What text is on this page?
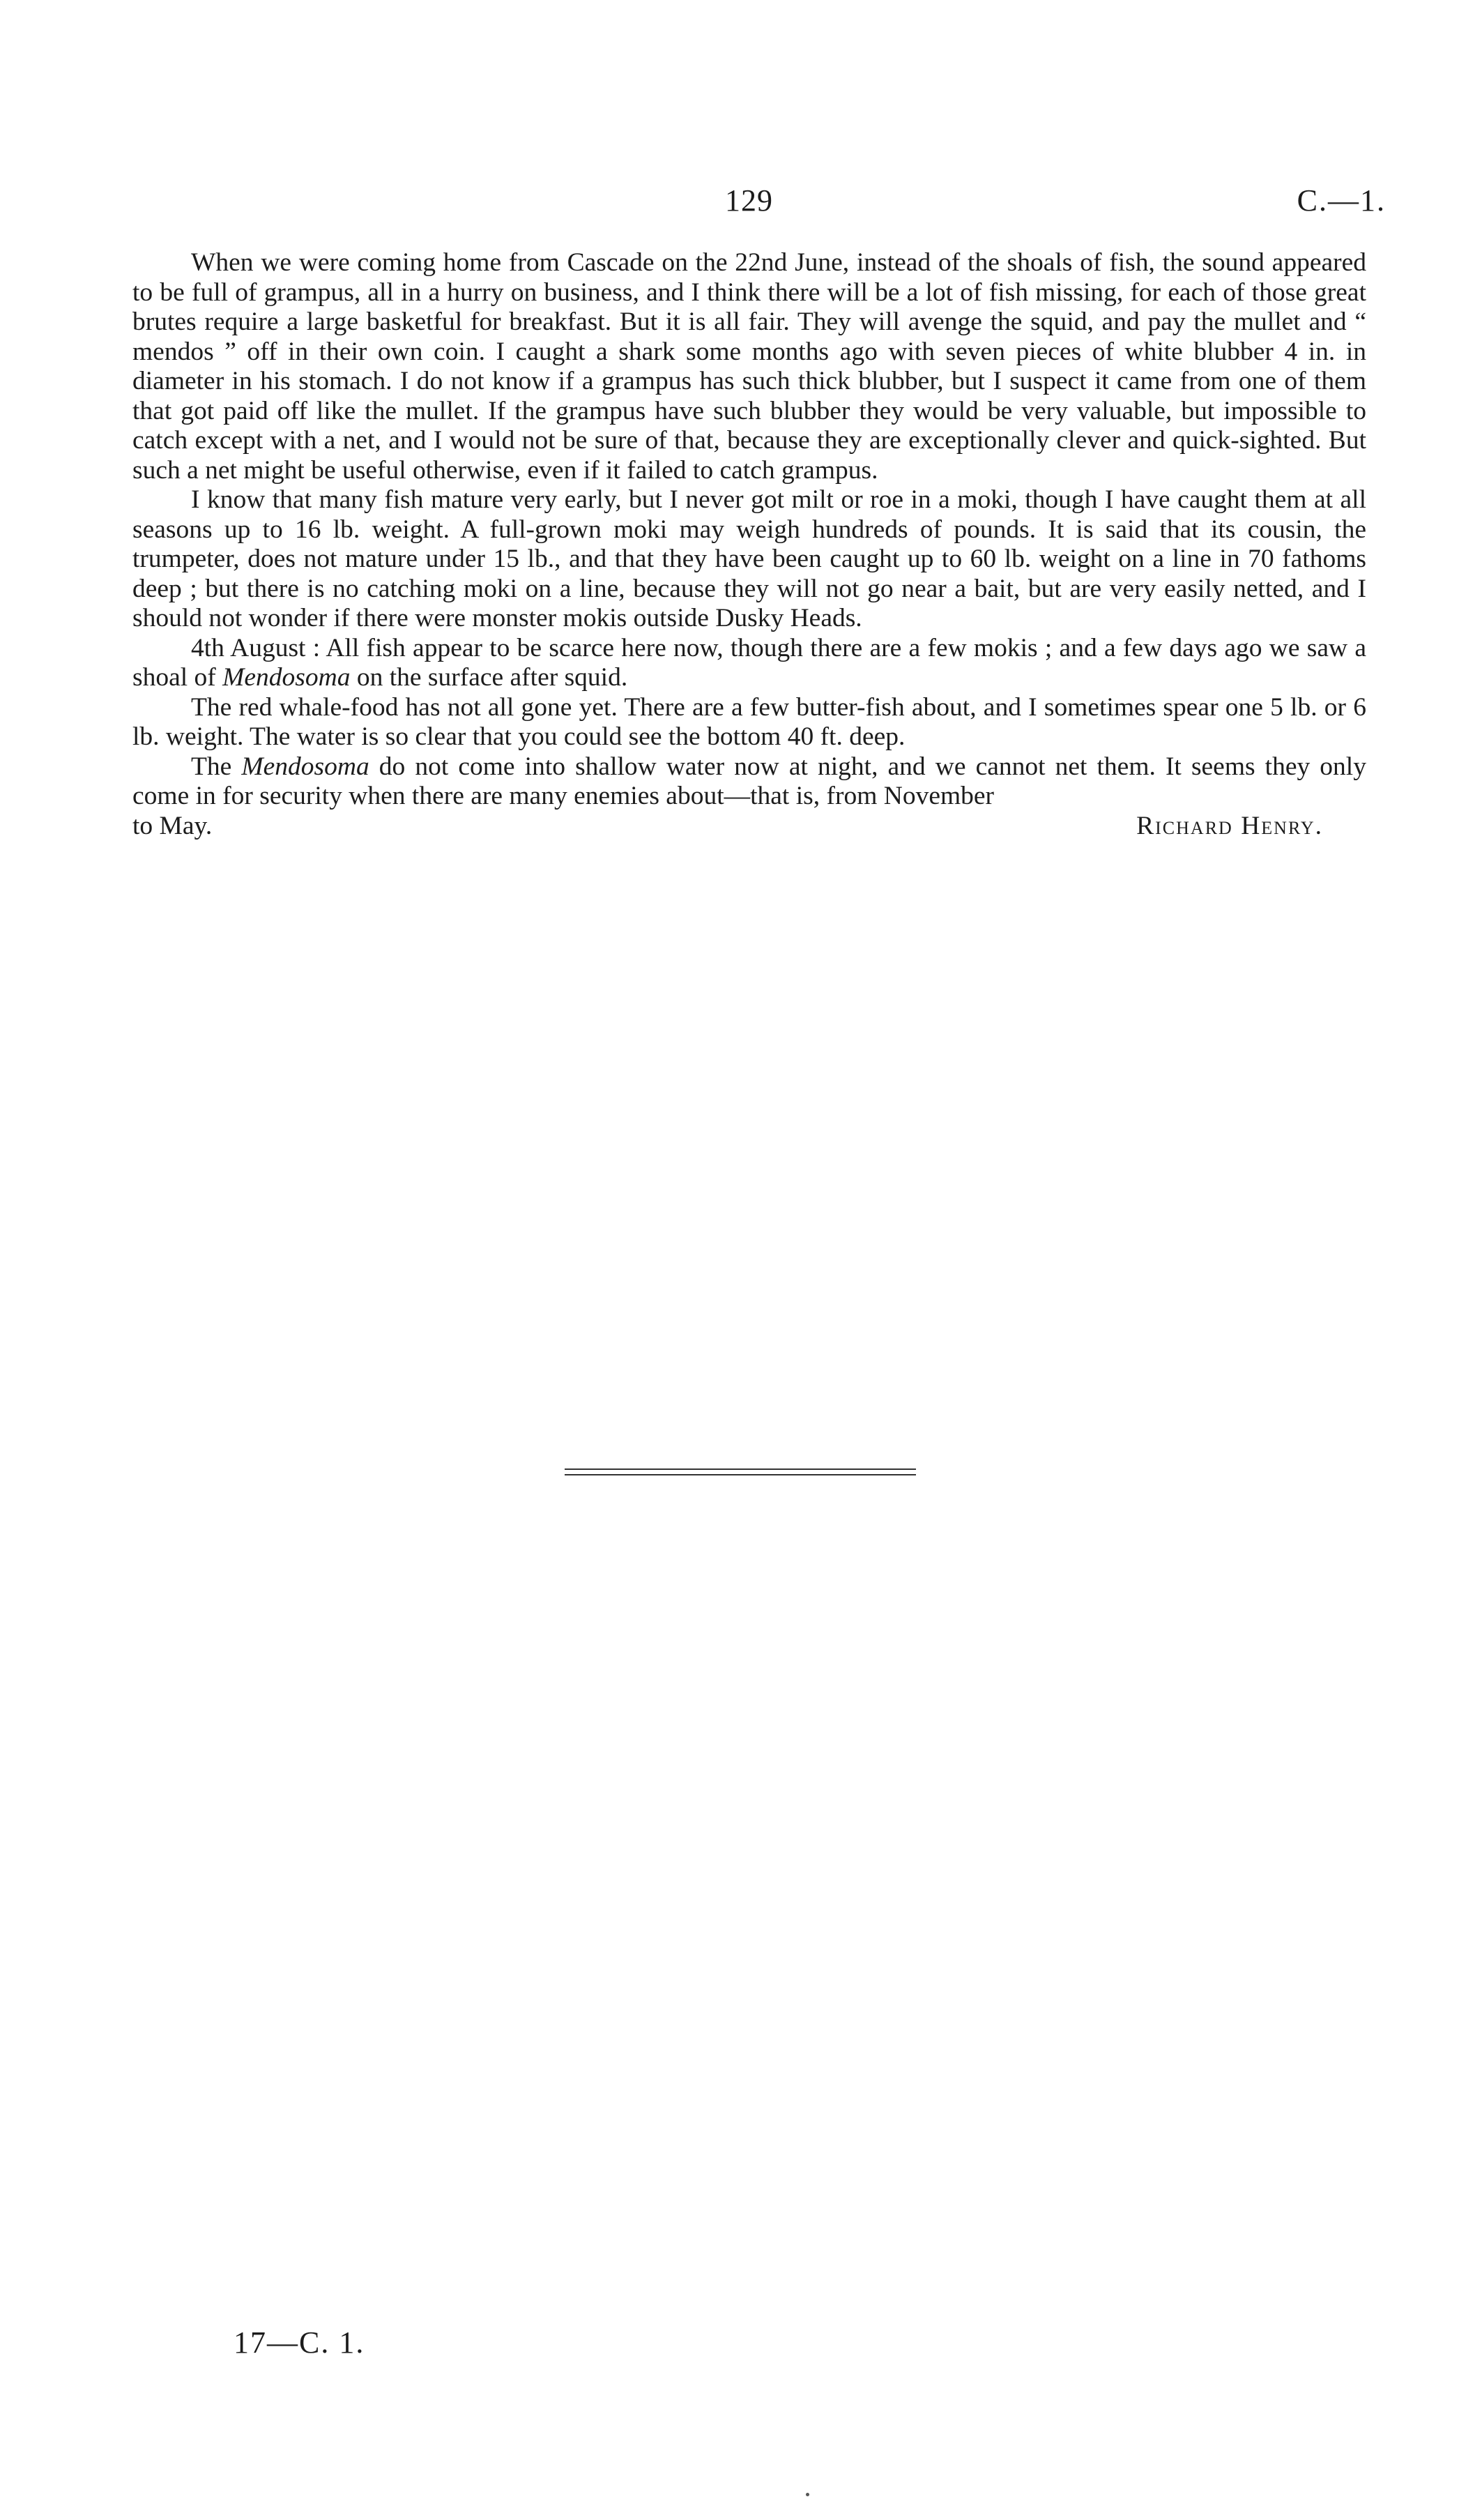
129	C.—1.

When we were coming home from Cascade on the 22nd June, instead of the shoals of fish, the sound appeared to be full of grampus, all in a hurry on business, and I think there will be a lot of fish missing, for each of those great brutes require a large basketful for breakfast. But it is all fair. They will avenge the squid, and pay the mullet and “ mendos ” off in their own coin. I caught a shark some months ago with seven pieces of white blubber 4 in. in diameter in his stomach. I do not know if a grampus has such thick blubber, but I suspect it came from one of them that got paid off like the mullet. If the grampus have such blubber they would be very valuable, but impossible to catch except with a net, and I would not be sure of that, because they are exceptionally clever and quick-sighted. But such a net might be useful otherwise, even if it failed to catch grampus.

I know that many fish mature very early, but I never got milt or roe in a moki, though I have caught them at all seasons up to 16 lb. weight. A full-grown moki may weigh hundreds of pounds. It is said that its cousin, the trumpeter, does not mature under 15 lb., and that they have been caught up to 60 lb. weight on a line in 70 fathoms deep ; but there is no catching moki on a line, because they will not go near a bait, but are very easily netted, and I should not wonder if there were monster mokis outside Dusky Heads.

4th August : All fish appear to be scarce here now, though there are a few mokis ; and a few days ago we saw a shoal of Mendosoma on the surface after squid.

The red whale-food has not all gone yet. There are a few butter-fish about, and I sometimes spear one 5 lb. or 6 lb. weight. The water is so clear that you could see the bottom 40 ft. deep.

The Mendosoma do not come into shallow water now at night, and we cannot net them. It seems they only come in for security when there are many enemies about—that is, from November

to May.	Richard Henry.
17—C. 1.
